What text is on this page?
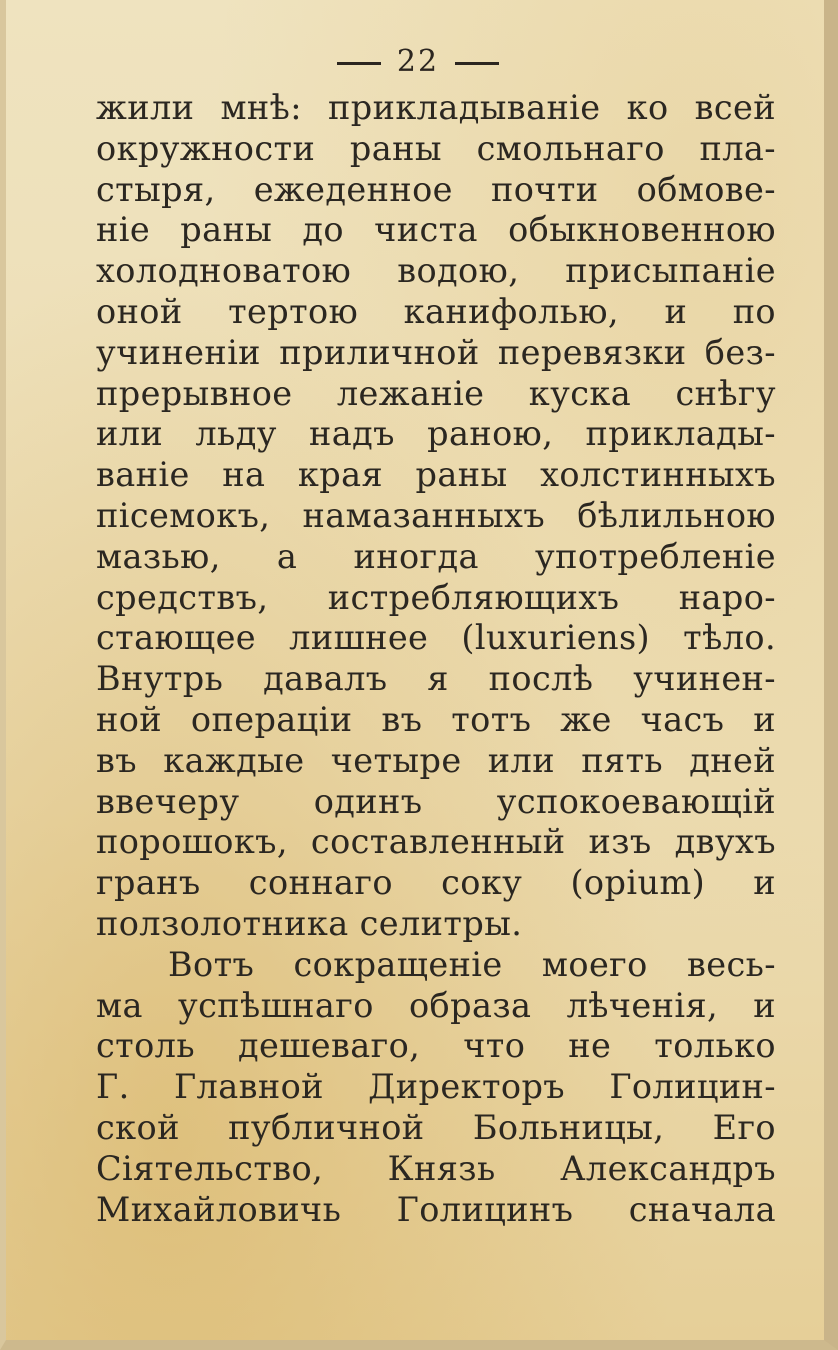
22
жили мнѣ: прикладываніе ко всей
окружности раны смольнаго пла-
стыря, ежеденное почти обмове-
ніе раны до чиста обыкновенною
холодноватою водою, присыпаніе
оной тертою канифолью, и по
учиненіи приличной перевязки без-
прерывное лежаніе куска снѣгу
или льду надъ раною, приклады-
ваніе на края раны холстинныхъ
пісемокъ, намазанныхъ бѣлильною
мазью, а иногда употребленіе
средствъ, истребляющихъ наро-
стающее лишнее (luxuriens) тѣло.
Внутрь давалъ я послѣ учинен-
ной операціи въ тотъ же часъ и
въ каждые четыре или пять дней
ввечеру одинъ успокоевающій
порошокъ, составленный изъ двухъ
гранъ соннаго соку (opium) и
ползолотника селитры.
Вотъ сокращеніе моего весь-
ма успѣшнаго образа лѣченія, и
столь дешеваго, что не только
Г. Главной Директоръ Голицин-
ской публичной Больницы, Его
Сіятельство, Князь Александръ
Михайловичь Голицинъ сначала
